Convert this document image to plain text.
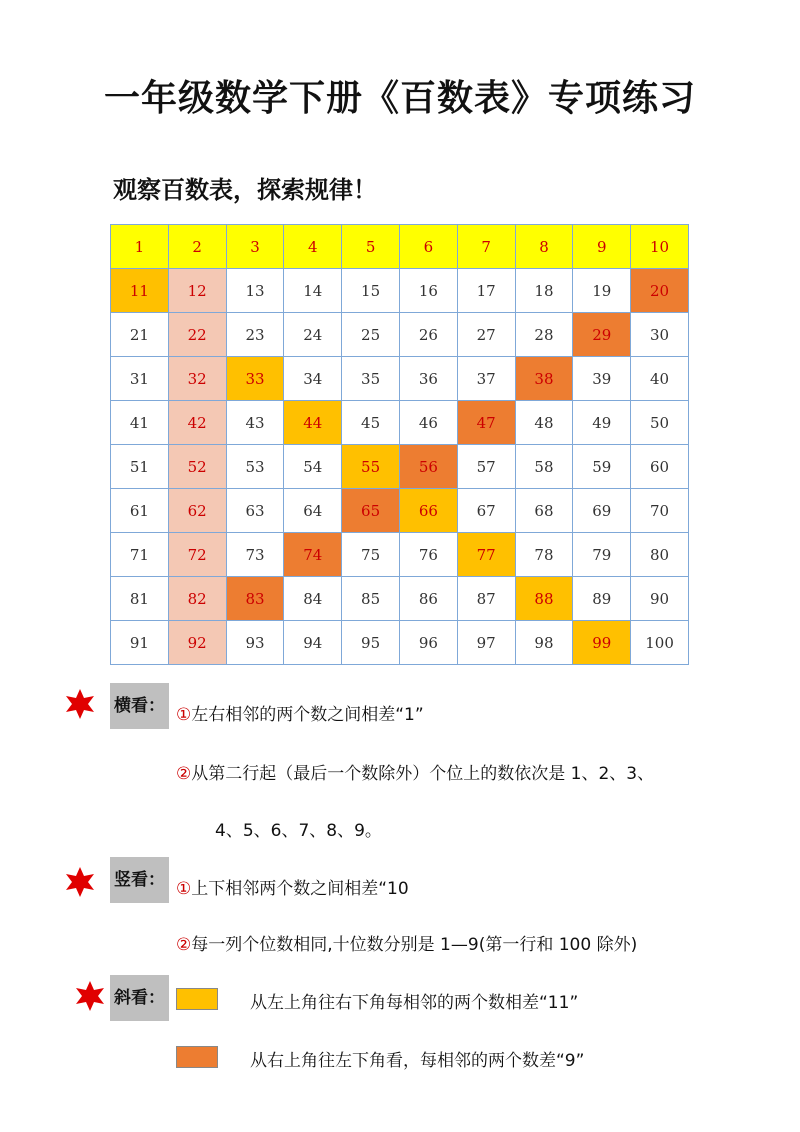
一年级数学下册《百数表》专项练习
观察百数表，探索规律！
1	2	3	4	5	6	7	8	9	10
11	12	13	14	15	16	17	18	19	20
21	22	23	24	25	26	27	28	29	30
31	32	33	34	35	36	37	38	39	40
41	42	43	44	45	46	47	48	49	50
51	52	53	54	55	56	57	58	59	60
61	62	63	64	65	66	67	68	69	70
71	72	73	74	75	76	77	78	79	80
81	82	83	84	85	86	87	88	89	90
91	92	93	94	95	96	97	98	99	100
横看： ①左右相邻的两个数之间相差“1”
②从第二行起（最后一个数除外）个位上的数依次是 1、2、3、
4、5、6、7、8、9。
竖看： ①上下相邻两个数之间相差“10
②每一列个位数相同,十位数分别是 1—9(第一行和 100 除外)
斜看：	从左上角往右下角每相邻的两个数相差“11”
从右上角往左下角看，每相邻的两个数差“9”
